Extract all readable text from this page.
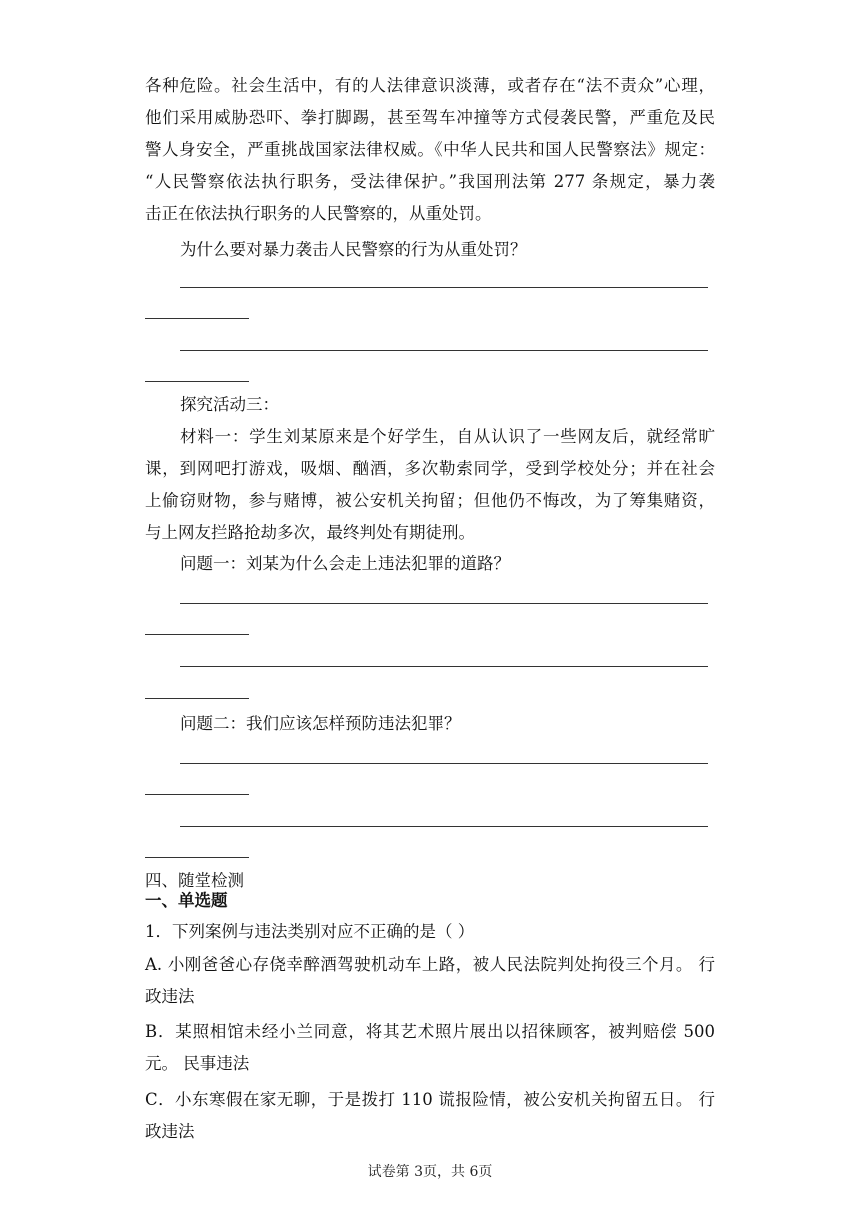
各种危险。社会生活中，有的人法律意识淡薄，或者存在“法不责众”心理，
他们采用威胁恐吓、拳打脚踢，甚至驾车冲撞等方式侵袭民警，严重危及民
警人身安全，严重挑战国家法律权威。《中华人民共和国人民警察法》规定：
“人民警察依法执行职务，受法律保护。”我国刑法第 277 条规定，暴力袭
击正在依法执行职务的人民警察的，从重处罚。
为什么要对暴力袭击人民警察的行为从重处罚？
探究活动三：
材料一：学生刘某原来是个好学生，自从认识了一些网友后，就经常旷
课，到网吧打游戏，吸烟、酗酒，多次勒索同学，受到学校处分；并在社会
上偷窃财物，参与赌博，被公安机关拘留；但他仍不悔改，为了筹集赌资，
与上网友拦路抢劫多次，最终判处有期徒刑。
问题一：刘某为什么会走上违法犯罪的道路？
问题二：我们应该怎样预防违法犯罪？
四、随堂检测
一、单选题
1．下列案例与违法类别对应不正确的是（ ）
A. 小刚爸爸心存侥幸醉酒驾驶机动车上路，被人民法院判处拘役三个月。 行
政违法
B．某照相馆未经小兰同意，将其艺术照片展出以招徕顾客，被判赔偿 500
元。 民事违法
C．小东寒假在家无聊，于是拨打 110 谎报险情，被公安机关拘留五日。 行
政违法
试卷第 3页，共 6页
